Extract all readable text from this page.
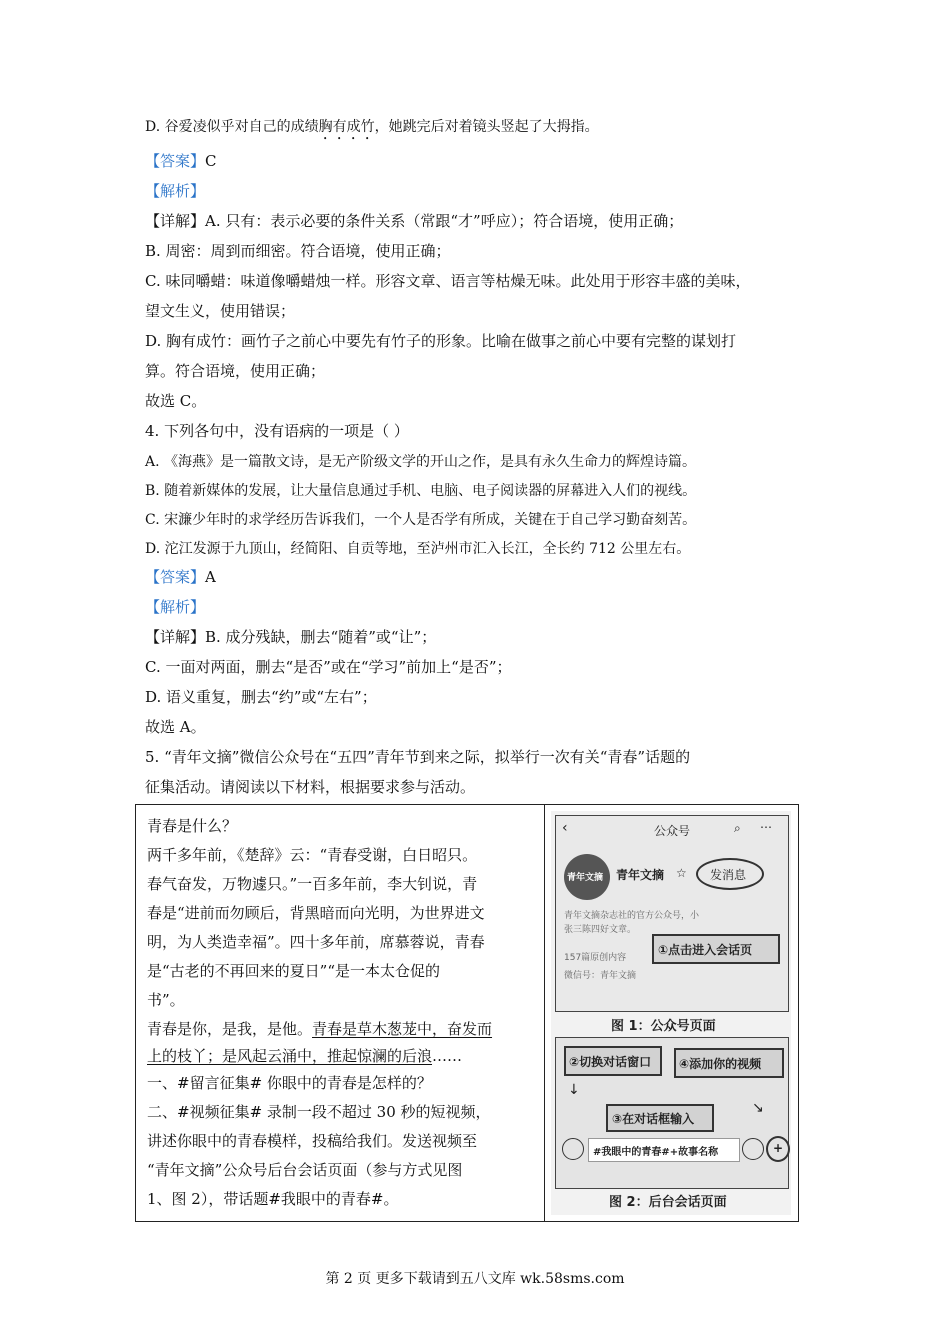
D. 谷爱凌似乎对自己的成绩胸有成竹，她跳完后对着镜头竖起了大拇指。
【答案】C
【解析】
【详解】A. 只有：表示必要的条件关系（常跟“才”呼应）；符合语境，使用正确；
B. 周密：周到而细密。符合语境，使用正确；
C. 味同嚼蜡：味道像嚼蜡烛一样。形容文章、语言等枯燥无味。此处用于形容丰盛的美味，
望文生义，使用错误；
D. 胸有成竹：画竹子之前心中要先有竹子的形象。比喻在做事之前心中要有完整的谋划打
算。符合语境，使用正确；
故选 C。
4. 下列各句中，没有语病的一项是（ ）
A. 《海燕》是一篇散文诗，是无产阶级文学的开山之作，是具有永久生命力的辉煌诗篇。
B. 随着新媒体的发展，让大量信息通过手机、电脑、电子阅读器的屏幕进入人们的视线。
C. 宋濂少年时的求学经历告诉我们，一个人是否学有所成，关键在于自己学习勤奋刻苦。
D. 沱江发源于九顶山，经简阳、自贡等地，至泸州市汇入长江，全长约 712 公里左右。
【答案】A
【解析】
【详解】B. 成分残缺，删去“随着”或“让”；
C. 一面对两面，删去“是否”或在“学习”前加上“是否”；
D. 语义重复，删去“约”或“左右”；
故选 A。
5. “青年文摘”微信公众号在“五四”青年节到来之际，拟举行一次有关“青春”话题的
征集活动。请阅读以下材料，根据要求参与活动。
青春是什么？
两千多年前，《楚辞》云：“青春受谢，白日昭只。
春气奋发，万物遽只。”一百多年前，李大钊说，青
春是“进前而勿顾后，背黑暗而向光明，为世界进文
明，为人类造幸福”。四十多年前，席慕蓉说，青春
是“古老的不再回来的夏日”“是一本太仓促的
书”。
青春是你，是我，是他。青春是草木葱茏中，奋发而
上的枝丫；是风起云涌中，推起惊澜的后浪……
一、#留言征集# 你眼中的青春是怎样的？
二、#视频征集# 录制一段不超过 30 秒的短视频，
讲述你眼中的青春模样，投稿给我们。发送视频至
“青年文摘”公众号后台会话页面（参与方式见图
1、图 2），带话题#我眼中的青春#。
‹	公众号	⌕ ⋯
青年文摘 青年文摘 ☆ 发消息
青年文摘杂志社的官方公众号，小
张三陈四好文章。
157篇原创内容
微信号：青年文摘
①点击进入会话页
图 1：公众号页面
②切换对话窗口 ④添加你的视频
③在对话框输入
↓
↘
#我眼中的青春#+故事名称	+
图 2：后台会话页面
第 2 页 更多下载请到五八文库 wk.58sms.com
